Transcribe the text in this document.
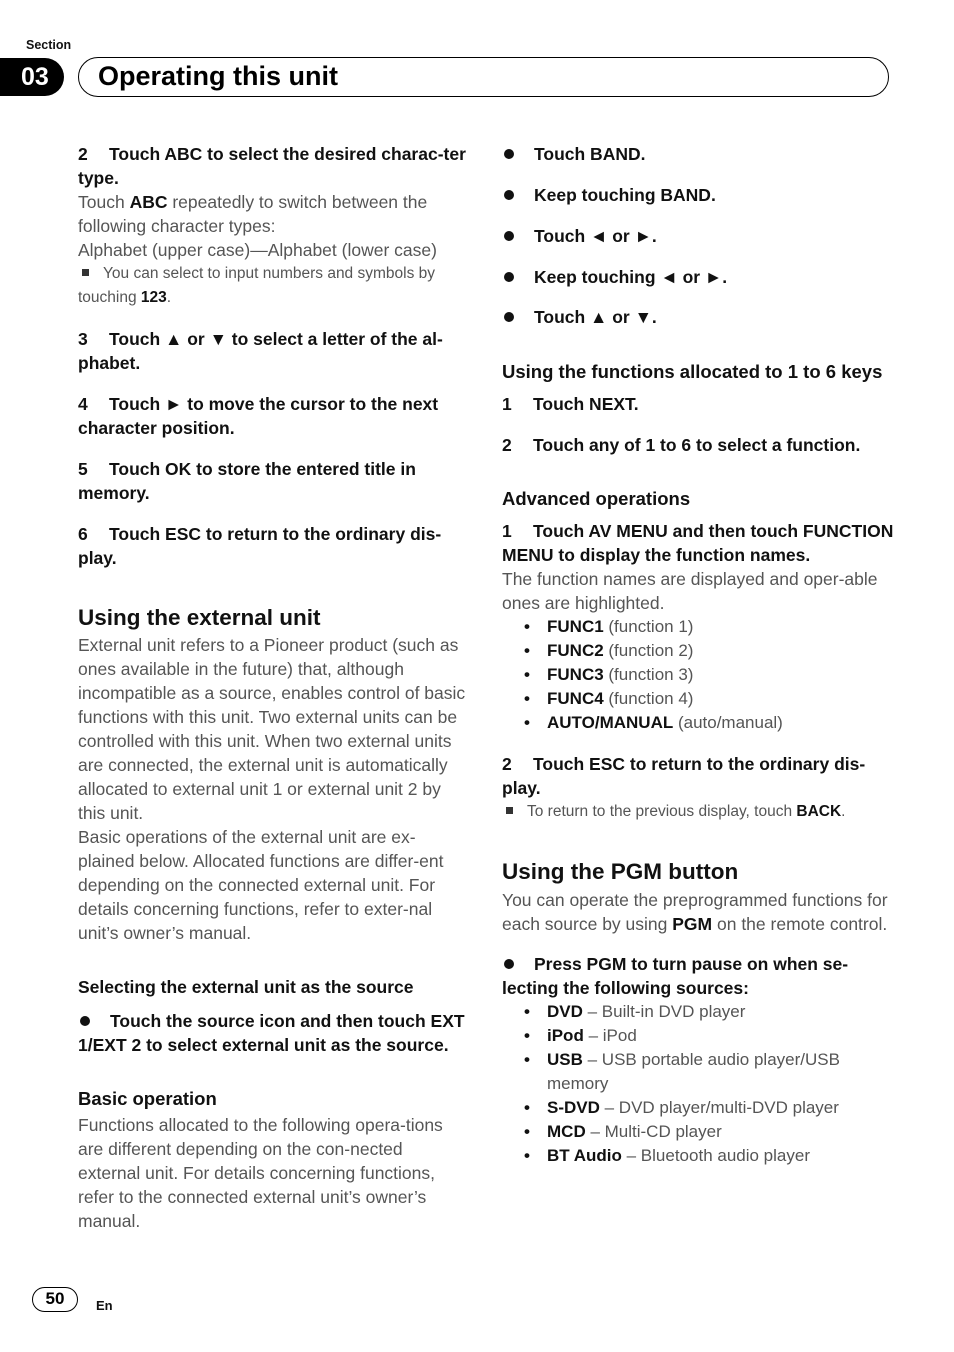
Section
03	Operating this unit
2 Touch ABC to select the desired charac-ter type.
Touch ABC repeatedly to switch between the following character types:
Alphabet (upper case)—Alphabet (lower case)
You can select to input numbers and symbols by touching 123.
3 Touch ▲ or ▼ to select a letter of the al-phabet.
4 Touch ► to move the cursor to the next character position.
5 Touch OK to store the entered title in memory.
6 Touch ESC to return to the ordinary dis-play.
Using the external unit
External unit refers to a Pioneer product (such as ones available in the future) that, although incompatible as a source, enables control of basic functions with this unit. Two external units can be controlled with this unit. When two external units are connected, the external unit is automatically allocated to external unit 1 or external unit 2 by this unit.
Basic operations of the external unit are ex-plained below. Allocated functions are differ-ent depending on the connected external unit. For details concerning functions, refer to exter-nal unit’s owner’s manual.
Selecting the external unit as the source
Touch the source icon and then touch EXT 1/EXT 2 to select external unit as the source.
Basic operation
Functions allocated to the following opera-tions are different depending on the con-nected external unit. For details concerning functions, refer to the connected external unit’s owner’s manual.
Touch BAND.
Keep touching BAND.
Touch ◄ or ►.
Keep touching ◄ or ►.
Touch ▲ or ▼.
Using the functions allocated to 1 to 6 keys
1 Touch NEXT.
2 Touch any of 1 to 6 to select a function.
Advanced operations
1 Touch AV MENU and then touch FUNCTION MENU to display the function names.
The function names are displayed and oper-able ones are highlighted.
• FUNC1 (function 1)
• FUNC2 (function 2)
• FUNC3 (function 3)
• FUNC4 (function 4)
• AUTO/MANUAL (auto/manual)
2 Touch ESC to return to the ordinary dis-play.
To return to the previous display, touch BACK.
Using the PGM button
You can operate the preprogrammed functions for each source by using PGM on the remote control.
Press PGM to turn pause on when se-lecting the following sources:
• DVD – Built-in DVD player
• iPod – iPod
• USB – USB portable audio player/USB memory
• S-DVD – DVD player/multi-DVD player
• MCD – Multi-CD player
• BT Audio – Bluetooth audio player
50	En
